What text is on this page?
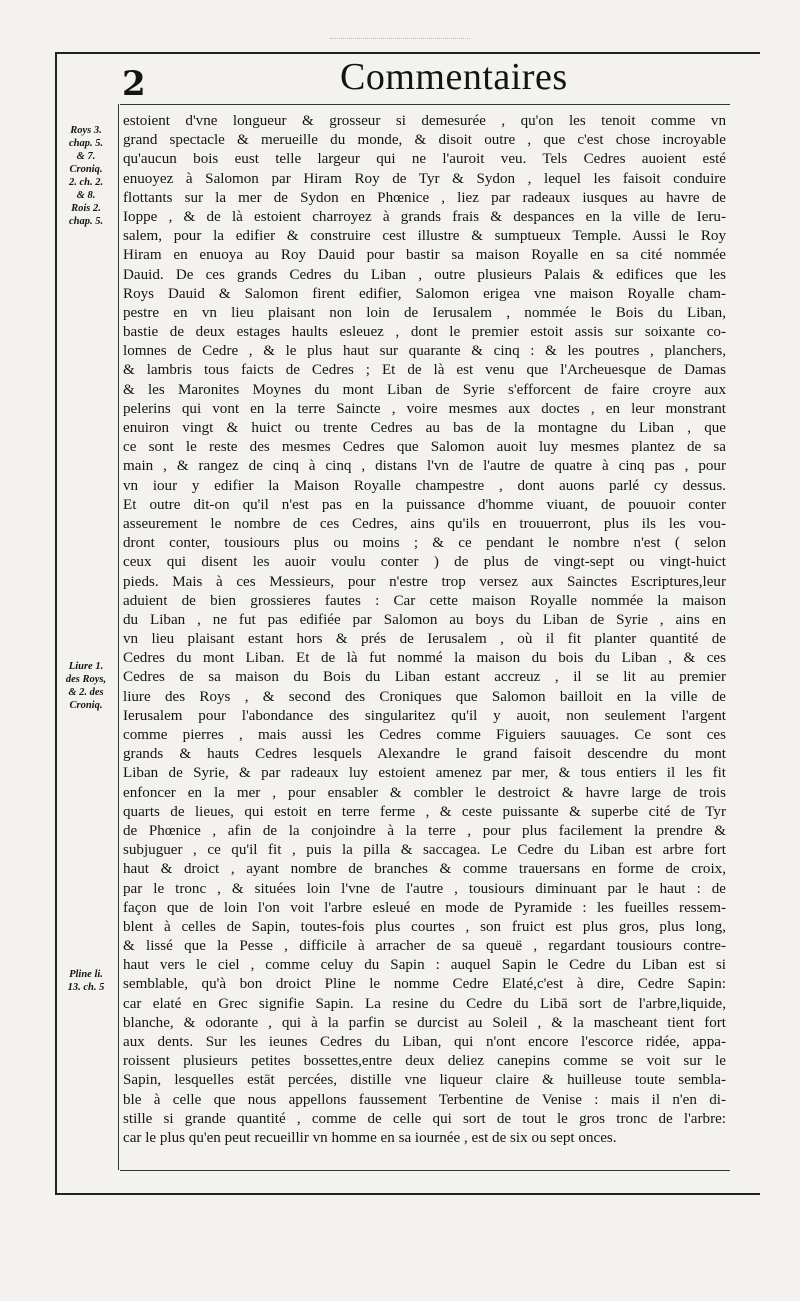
2	Commentaires
Roys 3.
chap. 5.
& 7.
Croniq.
2. ch. 2.
& 8.
Rois 2.
chap. 5.
Liure 1.
des Roys,
& 2. des
Croniq.
Pline li.
13. ch. 5
estoient d'vne longueur & grosseur si demesurée , qu'on les tenoit comme vn
grand spectacle & merueille du monde, & disoit outre , que c'est chose incroyable
qu'aucun bois eust telle largeur qui ne l'auroit veu. Tels Cedres auoient esté
enuoyez à Salomon par Hiram Roy de Tyr & Sydon , lequel les faisoit conduire
flottants sur la mer de Sydon en Phœnice , liez par radeaux iusques au havre de
Ioppe , & de là estoient charroyez à grands frais & despances en la ville de Ieru-
salem, pour la edifier & construire cest illustre & sumptueux Temple. Aussi le Roy
Hiram en enuoya au Roy Dauid pour bastir sa maison Royalle en sa cité nommée
Dauid. De ces grands Cedres du Liban , outre plusieurs Palais & edifices que les
Roys Dauid & Salomon firent edifier, Salomon erigea vne maison Royalle cham-
pestre en vn lieu plaisant non loin de Ierusalem , nommée le Bois du Liban,
bastie de deux estages haults esleuez , dont le premier estoit assis sur soixante co-
lomnes de Cedre , & le plus haut sur quarante & cinq : & les poutres , planchers,
& lambris tous faicts de Cedres ; Et de là est venu que l'Archeuesque de Damas
& les Maronites Moynes du mont Liban de Syrie s'efforcent de faire croyre aux
pelerins qui vont en la terre Saincte , voire mesmes aux doctes , en leur monstrant
enuiron vingt & huict ou trente Cedres au bas de la montagne du Liban , que
ce sont le reste des mesmes Cedres que Salomon auoit luy mesmes plantez de sa
main , & rangez de cinq à cinq , distans l'vn de l'autre de quatre à cinq pas , pour
vn iour y edifier la Maison Royalle champestre , dont auons parlé cy dessus.
Et outre dit-on qu'il n'est pas en la puissance d'homme viuant, de pouuoir conter
asseurement le nombre de ces Cedres, ains qu'ils en trouuerront, plus ils les vou-
dront conter, tousiours plus ou moins ; & ce pendant le nombre n'est ( selon
ceux qui disent les auoir voulu conter ) de plus de vingt-sept ou vingt-huict
pieds. Mais à ces Messieurs, pour n'estre trop versez aux Sainctes Escriptures,leur
aduient de bien grossieres fautes : Car cette maison Royalle nommée la maison
du Liban , ne fut pas edifiée par Salomon au boys du Liban de Syrie , ains en
vn lieu plaisant estant hors & prés de Ierusalem , où il fit planter quantité de
Cedres du mont Liban. Et de là fut nommé la maison du bois du Liban , & ces
Cedres de sa maison du Bois du Liban estant accreuz , il se lit au premier
liure des Roys , & second des Croniques que Salomon bailloit en la ville de
Ierusalem pour l'abondance des singularitez qu'il y auoit, non seulement l'argent
comme pierres , mais aussi les Cedres comme Figuiers sauuages. Ce sont ces
grands & hauts Cedres lesquels Alexandre le grand faisoit descendre du mont
Liban de Syrie, & par radeaux luy estoient amenez par mer, & tous entiers il les fit
enfoncer en la mer , pour ensabler & combler le destroict & havre large de trois
quarts de lieues, qui estoit en terre ferme , & ceste puissante & superbe cité de Tyr
de Phœnice , afin de la conjoindre à la terre , pour plus facilement la prendre &
subjuguer , ce qu'il fit , puis la pilla & saccagea. Le Cedre du Liban est arbre fort
haut & droict , ayant nombre de branches & comme trauersans en forme de croix,
par le tronc , & situées loin l'vne de l'autre , tousiours diminuant par le haut : de
façon que de loin l'on voit l'arbre esleué en mode de Pyramide : les fueilles ressem-
blent à celles de Sapin, toutes-fois plus courtes , son fruict est plus gros, plus long,
& lissé que la Pesse , difficile à arracher de sa queuë , regardant tousiours contre-
haut vers le ciel , comme celuy du Sapin : auquel Sapin le Cedre du Liban est si
semblable, qu'à bon droict Pline le nomme Cedre Elaté,c'est à dire, Cedre Sapin:
car elaté en Grec signifie Sapin. La resine du Cedre du Libā sort de l'arbre,liquide,
blanche, & odorante , qui à la parfin se durcist au Soleil , & la mascheant tient fort
aux dents. Sur les ieunes Cedres du Liban, qui n'ont encore l'escorce ridée, appa-
roissent plusieurs petites bossettes,entre deux deliez canepins comme se voit sur le
Sapin, lesquelles estāt percées, distille vne liqueur claire & huilleuse toute sembla-
ble à celle que nous appellons faussement Terbentine de Venise : mais il n'en di-
stille si grande quantité , comme de celle qui sort de tout le gros tronc de l'arbre:
car le plus qu'en peut recueillir vn homme en sa iournée , est de six ou sept onces.
